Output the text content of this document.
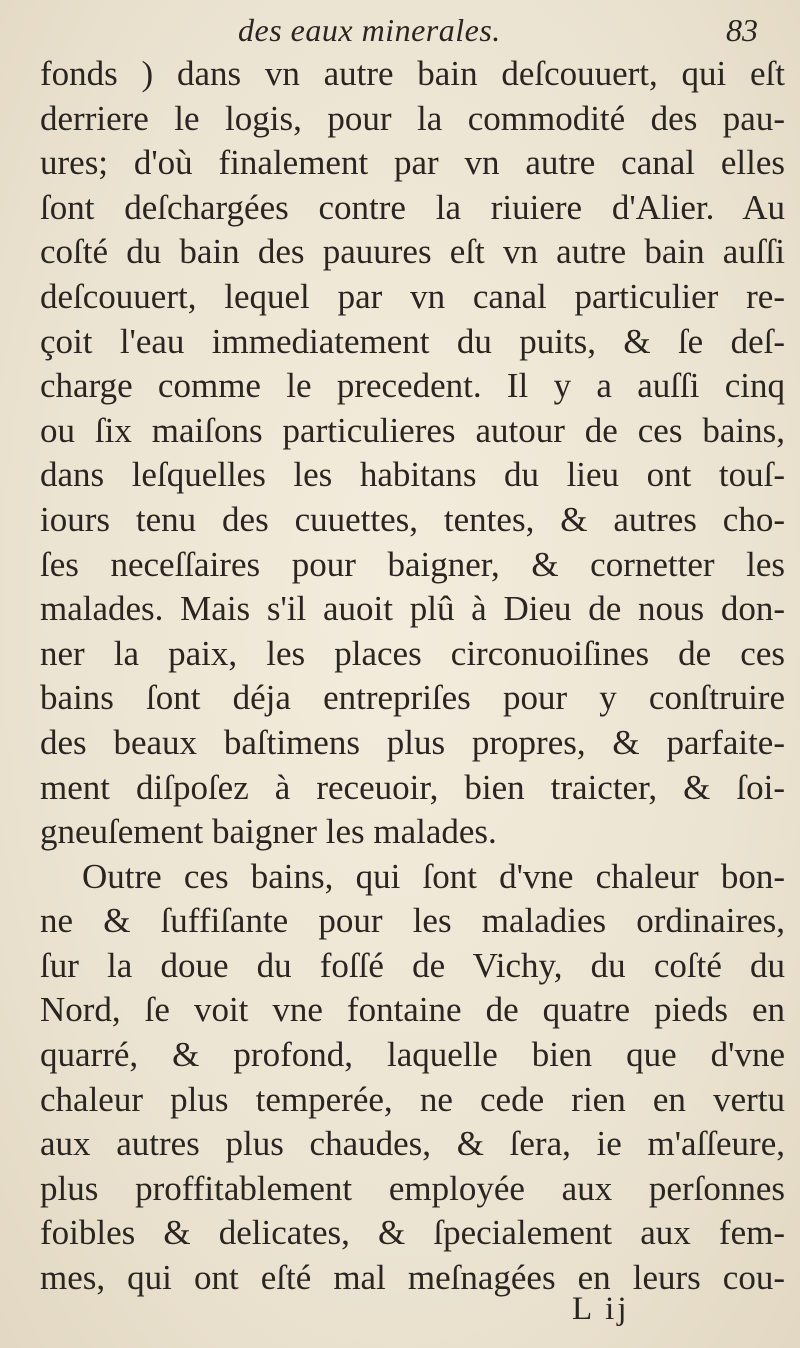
des eaux minerales.	83
fonds ) dans vn autre bain deſcouuert, qui eſt
derriere le logis, pour la commodité des pau-
ures; d'où finalement par vn autre canal elles
ſont deſchargées contre la riuiere d'Alier. Au
coſté du bain des pauures eſt vn autre bain auſſi
deſcouuert, lequel par vn canal particulier re-
çoit l'eau immediatement du puits, & ſe deſ-
charge comme le precedent. Il y a auſſi cinq
ou ſix maiſons particulieres autour de ces bains,
dans leſquelles les habitans du lieu ont touſ-
iours tenu des cuuettes, tentes, & autres cho-
ſes neceſſaires pour baigner, & cornetter les
malades. Mais s'il auoit plû à Dieu de nous don-
ner la paix, les places circonuoiſines de ces
bains ſont déja entrepriſes pour y conſtruire
des beaux baſtimens plus propres, & parfaite-
ment diſpoſez à receuoir, bien traicter, & ſoi-
gneuſement baigner les malades.
Outre ces bains, qui ſont d'vne chaleur bon-
ne & ſuffiſante pour les maladies ordinaires,
ſur la doue du foſſé de Vichy, du coſté du
Nord, ſe voit vne fontaine de quatre pieds en
quarré, & profond, laquelle bien que d'vne
chaleur plus temperée, ne cede rien en vertu
aux autres plus chaudes, & ſera, ie m'aſſeure,
plus proffitablement employée aux perſonnes
foibles & delicates, & ſpecialement aux fem-
mes, qui ont eſté mal meſnagées en leurs cou-
L ij
